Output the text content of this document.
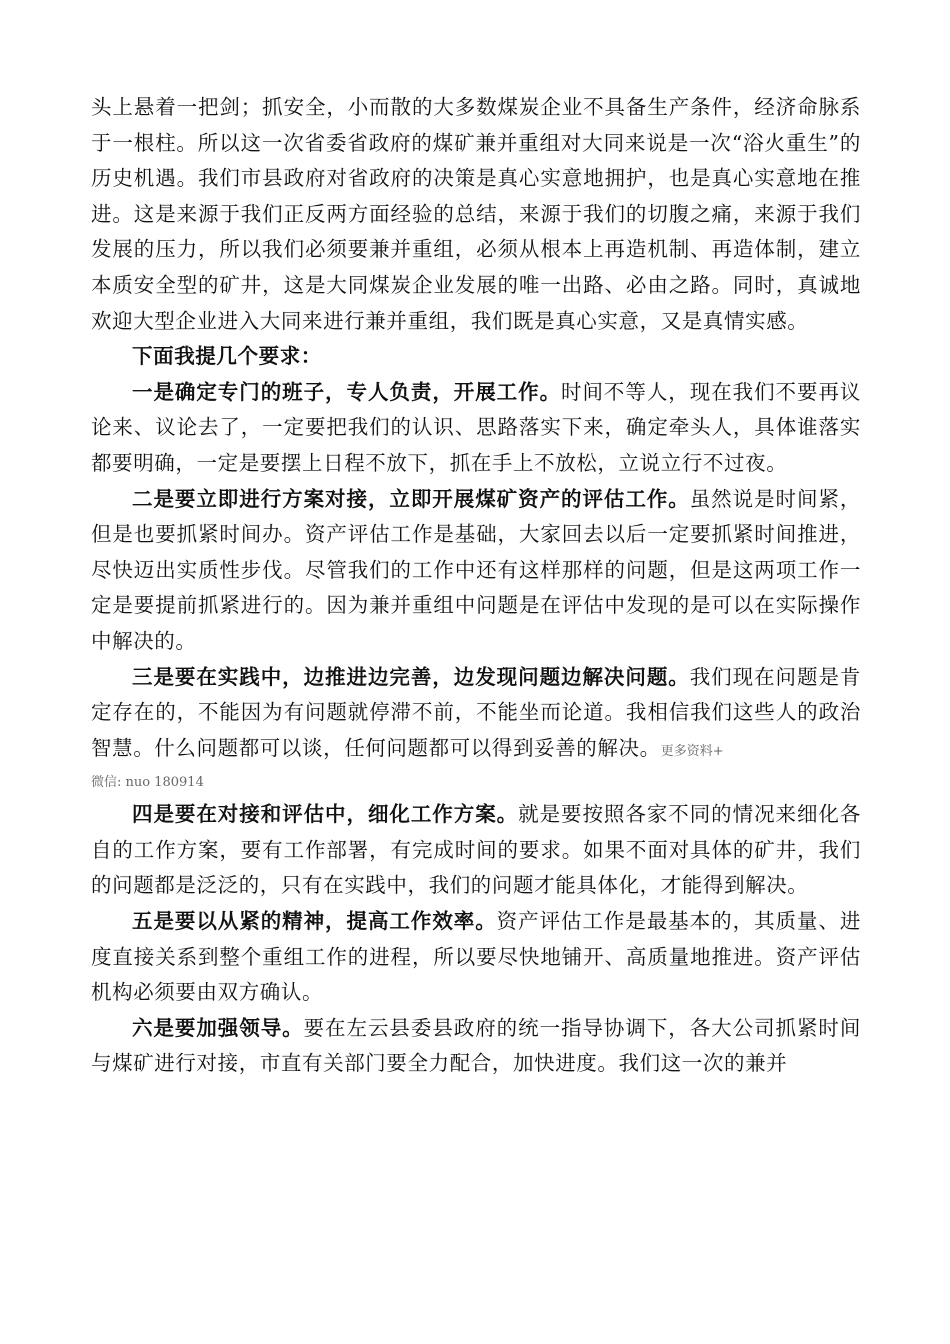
头上悬着一把剑；抓安全，小而散的大多数煤炭企业不具备生产条件，经济命脉系于一根柱。所以这一次省委省政府的煤矿兼并重组对大同来说是一次“浴火重生”的历史机遇。我们市县政府对省政府的决策是真心实意地拥护，也是真心实意地在推进。这是来源于我们正反两方面经验的总结，来源于我们的切腹之痛，来源于我们发展的压力，所以我们必须要兼并重组，必须从根本上再造机制、再造体制，建立本质安全型的矿井，这是大同煤炭企业发展的唯一出路、必由之路。同时，真诚地欢迎大型企业进入大同来进行兼并重组，我们既是真心实意，又是真情实感。

下面我提几个要求：

一是确定专门的班子，专人负责，开展工作。时间不等人，现在我们不要再议论来、议论去了，一定要把我们的认识、思路落实下来，确定牵头人，具体谁落实都要明确，一定是要摆上日程不放下，抓在手上不放松，立说立行不过夜。

二是要立即进行方案对接，立即开展煤矿资产的评估工作。虽然说是时间紧，但是也要抓紧时间办。资产评估工作是基础，大家回去以后一定要抓紧时间推进，尽快迈出实质性步伐。尽管我们的工作中还有这样那样的问题，但是这两项工作一定是要提前抓紧进行的。因为兼并重组中问题是在评估中发现的是可以在实际操作中解决的。

三是要在实践中，边推进边完善，边发现问题边解决问题。我们现在问题是肯定存在的，不能因为有问题就停滞不前，不能坐而论道。我相信我们这些人的政治智慧。什么问题都可以谈，任何问题都可以得到妥善的解决。更多资料+

微信: nuo 180914

四是要在对接和评估中，细化工作方案。就是要按照各家不同的情况来细化各自的工作方案，要有工作部署，有完成时间的要求。如果不面对具体的矿井，我们的问题都是泛泛的，只有在实践中，我们的问题才能具体化，才能得到解决。

五是要以从紧的精神，提高工作效率。资产评估工作是最基本的，其质量、进度直接关系到整个重组工作的进程，所以要尽快地铺开、高质量地推进。资产评估机构必须要由双方确认。

六是要加强领导。要在左云县委县政府的统一指导协调下，各大公司抓紧时间与煤矿进行对接，市直有关部门要全力配合，加快进度。我们这一次的兼并
